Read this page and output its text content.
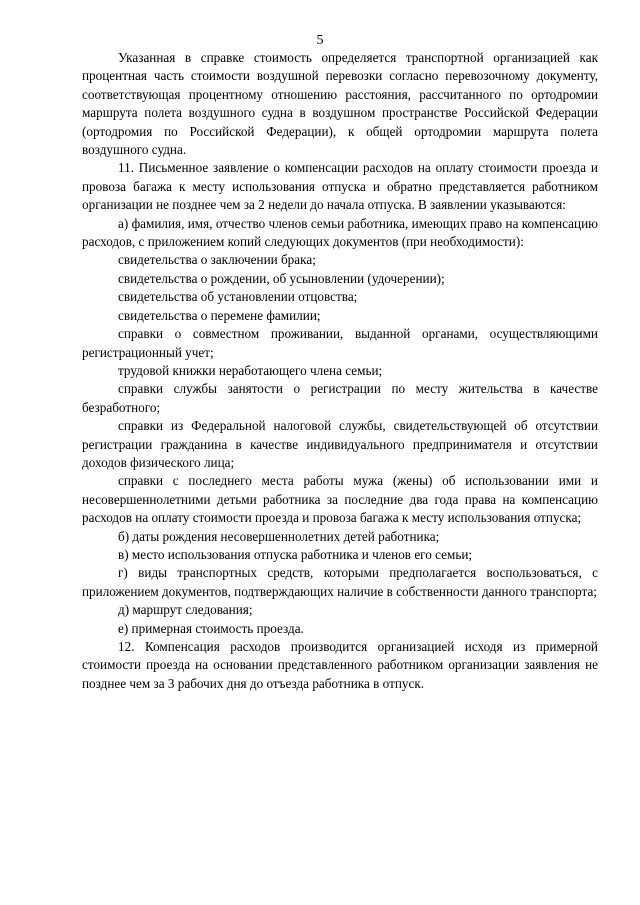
5

Указанная в справке стоимость определяется транспортной организацией как процентная часть стоимости воздушной перевозки согласно перевозочному документу, соответствующая процентному отношению расстояния, рассчитанного по ортодромии маршрута полета воздушного судна в воздушном пространстве Российской Федерации (ортодромия по Российской Федерации), к общей ортодромии маршрута полета воздушного судна.

11. Письменное заявление о компенсации расходов на оплату стоимости проезда и провоза багажа к месту использования отпуска и обратно представляется работником организации не позднее чем за 2 недели до начала отпуска. В заявлении указываются:

а) фамилия, имя, отчество членов семьи работника, имеющих право на компенсацию расходов, с приложением копий следующих документов (при необходимости):

свидетельства о заключении брака;

свидетельства о рождении, об усыновлении (удочерении);

свидетельства об установлении отцовства;

свидетельства о перемене фамилии;

справки о совместном проживании, выданной органами, осуществляющими регистрационный учет;

трудовой книжки неработающего члена семьи;

справки службы занятости о регистрации по месту жительства в качестве безработного;

справки из Федеральной налоговой службы, свидетельствующей об отсутствии регистрации гражданина в качестве индивидуального предпринимателя и отсутствии доходов физического лица;

справки с последнего места работы мужа (жены) об использовании ими и несовершеннолетними детьми работника за последние два года права на компенсацию расходов на оплату стоимости проезда и провоза багажа к месту использования отпуска;

б) даты рождения несовершеннолетних детей работника;

в) место использования отпуска работника и членов его семьи;

г) виды транспортных средств, которыми предполагается воспользоваться, с приложением документов, подтверждающих наличие в собственности данного транспорта;

д) маршрут следования;

е) примерная стоимость проезда.

12. Компенсация расходов производится организацией исходя из примерной стоимости проезда на основании представленного работником организации заявления не позднее чем за 3 рабочих дня до отъезда работника в отпуск.
